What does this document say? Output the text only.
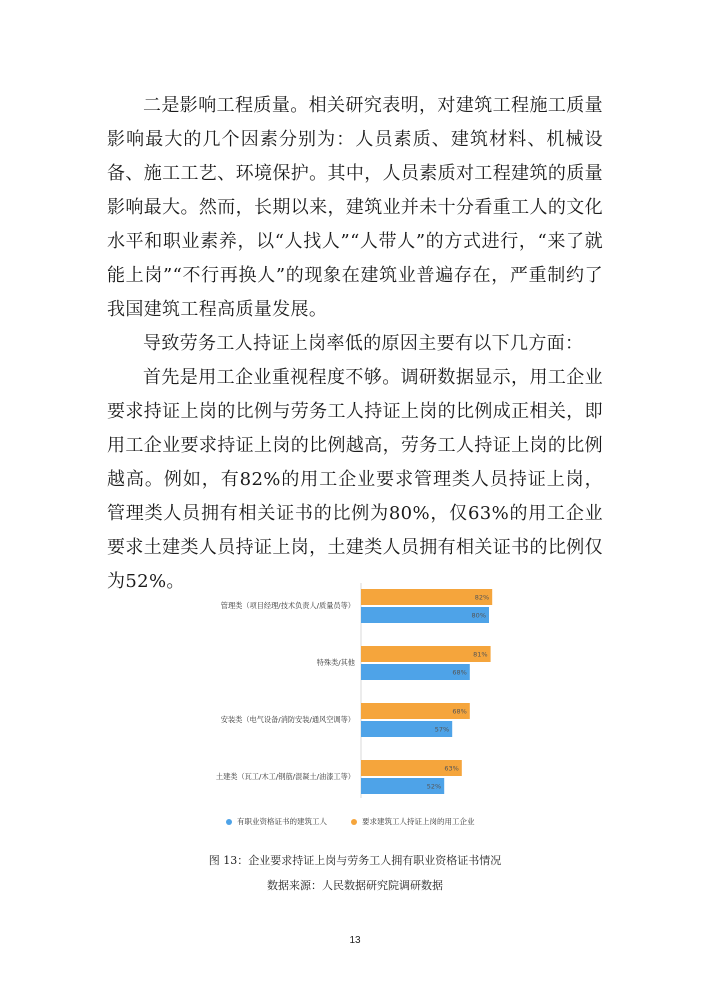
二是影响工程质量。相关研究表明，对建筑工程施工质量影响最大的几个因素分别为：人员素质、建筑材料、机械设备、施工工艺、环境保护。其中，人员素质对工程建筑的质量影响最大。然而，长期以来，建筑业并未十分看重工人的文化水平和职业素养，以“人找人”“人带人”的方式进行，“来了就能上岗”“不行再换人”的现象在建筑业普遍存在，严重制约了我国建筑工程高质量发展。

导致劳务工人持证上岗率低的原因主要有以下几方面：

首先是用工企业重视程度不够。调研数据显示，用工企业要求持证上岗的比例与劳务工人持证上岗的比例成正相关，即用工企业要求持证上岗的比例越高，劳务工人持证上岗的比例越高。例如，有82%的用工企业要求管理类人员持证上岗，管理类人员拥有相关证书的比例为80%，仅63%的用工企业要求土建类人员持证上岗，土建类人员拥有相关证书的比例仅为52%。

管理类（项目经理/技术负责人/质量员等）
82%
80%
特殊类/其他
81%
68%
安装类（电气设备/消防安装/通风空调等）
68%
57%
土建类（瓦工/木工/钢筋/混凝土/油漆工等）
63%
52%
有职业资格证书的建筑工人	要求建筑工人持证上岗的用工企业
图 13：企业要求持证上岗与劳务工人拥有职业资格证书情况
数据来源：人民数据研究院调研数据
13
